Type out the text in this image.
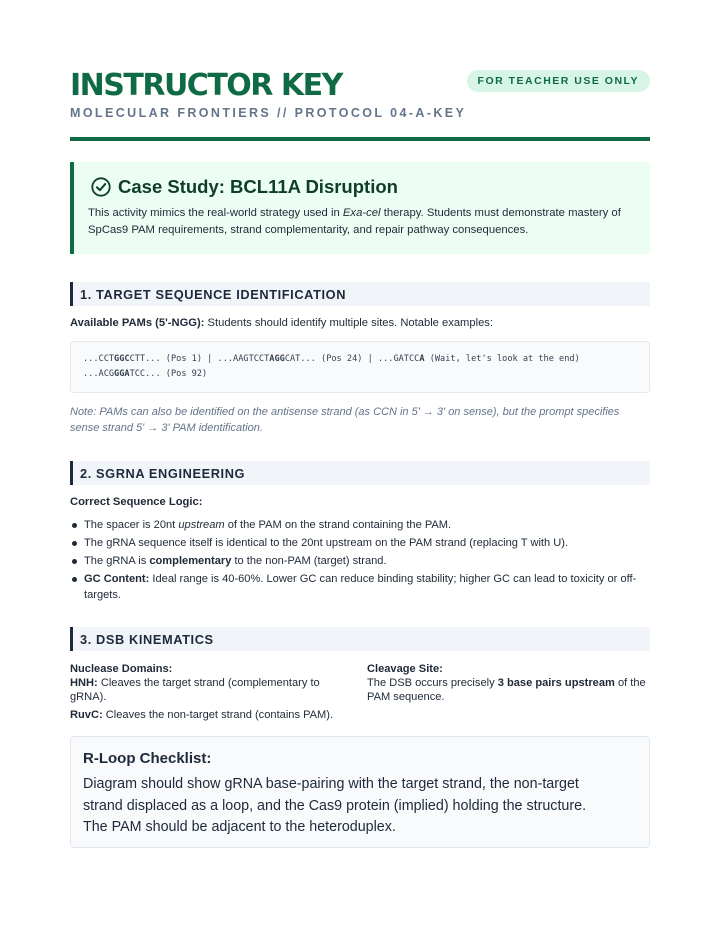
INSTRUCTOR KEY
MOLECULAR FRONTIERS // PROTOCOL 04-A-KEY
FOR TEACHER USE ONLY
Case Study: BCL11A Disruption
This activity mimics the real-world strategy used in Exa-cel therapy. Students must demonstrate mastery of
SpCas9 PAM requirements, strand complementarity, and repair pathway consequences.
1. TARGET SEQUENCE IDENTIFICATION
Available PAMs (5'-NGG): Students should identify multiple sites. Notable examples:
...CCTGGCCTT... (Pos 1) | ...AAGTCCTAGGCAT... (Pos 24) | ...GATCCA (Wait, let's look at the end)
...ACGGGATCC... (Pos 92)
Note: PAMs can also be identified on the antisense strand (as CCN in 5' → 3' on sense), but the prompt specifies
sense strand 5' → 3' PAM identification.
2. SGRNA ENGINEERING
Correct Sequence Logic:
The spacer is 20nt upstream of the PAM on the strand containing the PAM.
The gRNA sequence itself is identical to the 20nt upstream on the PAM strand (replacing T with U).
The gRNA is complementary to the non-PAM (target) strand.
GC Content: Ideal range is 40-60%. Lower GC can reduce binding stability; higher GC can lead to toxicity or off-
targets.
3. DSB KINEMATICS
Nuclease Domains:
HNH: Cleaves the target strand (complementary to
gRNA).
RuvC: Cleaves the non-target strand (contains PAM).
Cleavage Site:
The DSB occurs precisely 3 base pairs upstream of the
PAM sequence.
R-Loop Checklist:
Diagram should show gRNA base-pairing with the target strand, the non-target
strand displaced as a loop, and the Cas9 protein (implied) holding the structure.
The PAM should be adjacent to the heteroduplex.
